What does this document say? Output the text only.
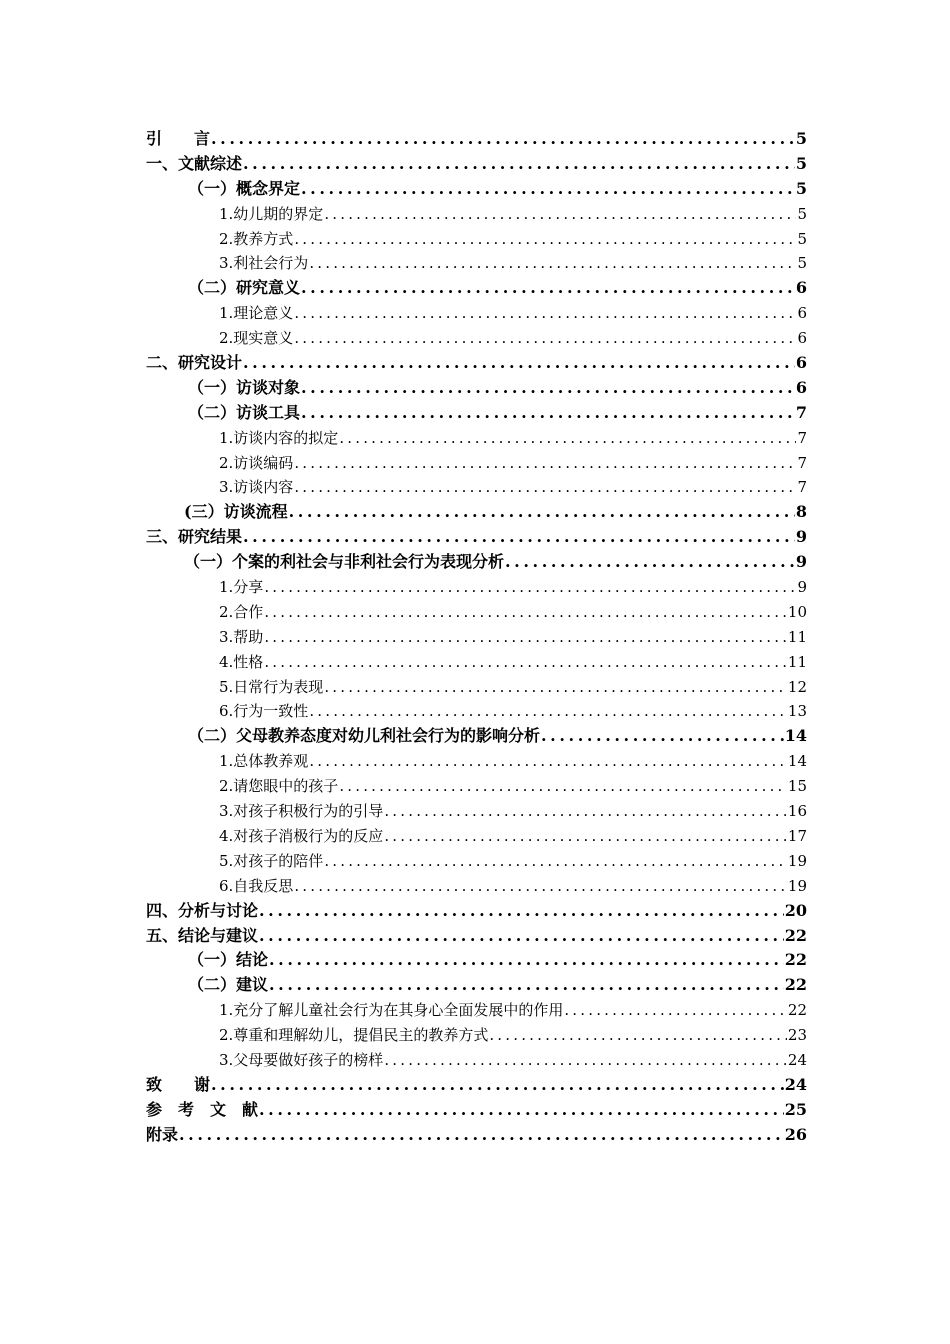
引　　言 .....	5
一、文献综述 .....	5
（一）概念界定 .....	5
1.幼儿期的界定 .....	5
2.教养方式 .....	5
3.利社会行为 .....	5
（二）研究意义 .....	6
1.理论意义 .....	6
2.现实意义 .....	6
二、研究设计 .....	6
（一）访谈对象 .....	6
（二）访谈工具 .....	7
1.访谈内容的拟定 .....	7
2.访谈编码 .....	7
3.访谈内容 .....	7
(三）访谈流程 .....	8
三、研究结果 .....	9
（一）个案的利社会与非利社会行为表现分析 .....	9
1.分享 .....	9
2.合作 .....	10
3.帮助 .....	11
4.性格 .....	11
5.日常行为表现 .....	12
6.行为一致性 .....	13
（二）父母教养态度对幼儿利社会行为的影响分析 .....	14
1.总体教养观 .....	14
2.请您眼中的孩子 .....	15
3.对孩子积极行为的引导 .....	16
4.对孩子消极行为的反应 .....	17
5.对孩子的陪伴 .....	19
6.自我反思 .....	19
四、分析与讨论 .....	20
五、结论与建议 .....	22
（一）结论 .....	22
（二）建议 .....	22
1.充分了解儿童社会行为在其身心全面发展中的作用 .....	22
2.尊重和理解幼儿，提倡民主的教养方式 .....	23
3.父母要做好孩子的榜样 .....	24
致　　谢 .....	24
参　考　文　献 .....	25
附录 .....	26
